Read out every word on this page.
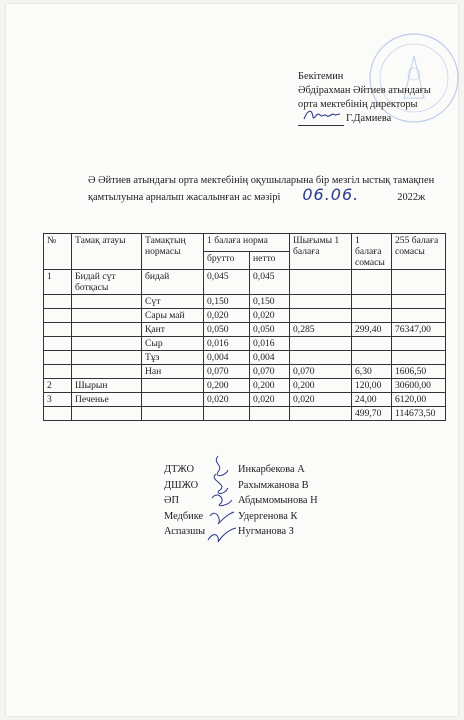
Бекітемин
Әбдірахман Әйтиев атындағы
орта мектебінің директоры
Г.Дамиева
Ә Әйтиев атындағы орта мектебінің оқушыларына бір мезгіл ыстық тамақпен
қамтылуына арналып жасалынған ас мәзірі 06.06.	2022ж
№	Тамақ атауы	Тамақтың нормасы	1 балаға норма		Шығымы 1 балаға	1 балаға сомасы	255 балаға сомасы
			брутто	нетто			
1	Бидай сүт ботқасы	бидай	0,045	0,045			
		Сүт	0,150	0,150			
		Сары май	0,020	0,020			
		Қант	0,050	0,050	0,285	299,40	76347,00
		Сыр	0,016	0,016			
		Тұз	0,004	0,004			
		Нан	0,070	0,070	0,070	6,30	1606,50
2	Шырын		0,200	0,200	0,200	120,00	30600,00
3	Печенье		0,020	0,020	0,020	24,00	6120,00
						499,70	114673,50
ДТЖО	Инкарбекова А
ДШЖО	Рахымжанова В
ӘП	Абдымомынова Н
Медбике	Удергенова К
Аспазшы	Нугманова З
